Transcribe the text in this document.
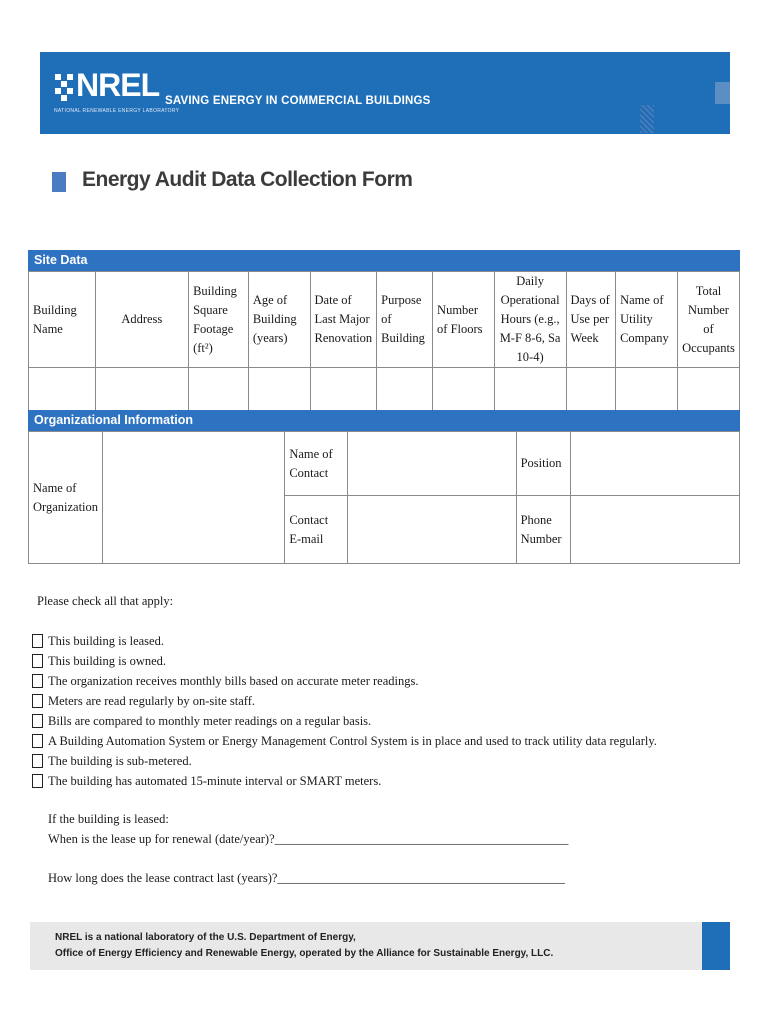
NREL
NATIONAL RENEWABLE ENERGY LABORATORY
SAVING ENERGY IN COMMERCIAL BUILDINGS
Energy Audit Data Collection Form
Site Data
Building Name	Address	Building Square Footage (ft²)	Age of Building (years)	Date of Last Major Renovation	Purpose of Building	Number of Floors	Daily Operational Hours (e.g., M-F 8-6, Sa 10-4)	Days of Use per Week	Name of Utility Company	Total Number of Occupants

Organizational Information
Name of Organization		Name of Contact		Position	
		Contact E-mail		Phone Number	
Please check all that apply:
This building is leased.
This building is owned.
The organization receives monthly bills based on accurate meter readings.
Meters are read regularly by on-site staff.
Bills are compared to monthly meter readings on a regular basis.
A Building Automation System or Energy Management Control System is in place and used to track utility data regularly.
The building is sub-metered.
The building has automated 15-minute interval or SMART meters.
If the building is leased:
When is the lease up for renewal (date/year)?_______________________________________________
How long does the lease contract last (years)?______________________________________________
NREL is a national laboratory of the U.S. Department of Energy,
Office of Energy Efficiency and Renewable Energy, operated by the Alliance for Sustainable Energy, LLC.
